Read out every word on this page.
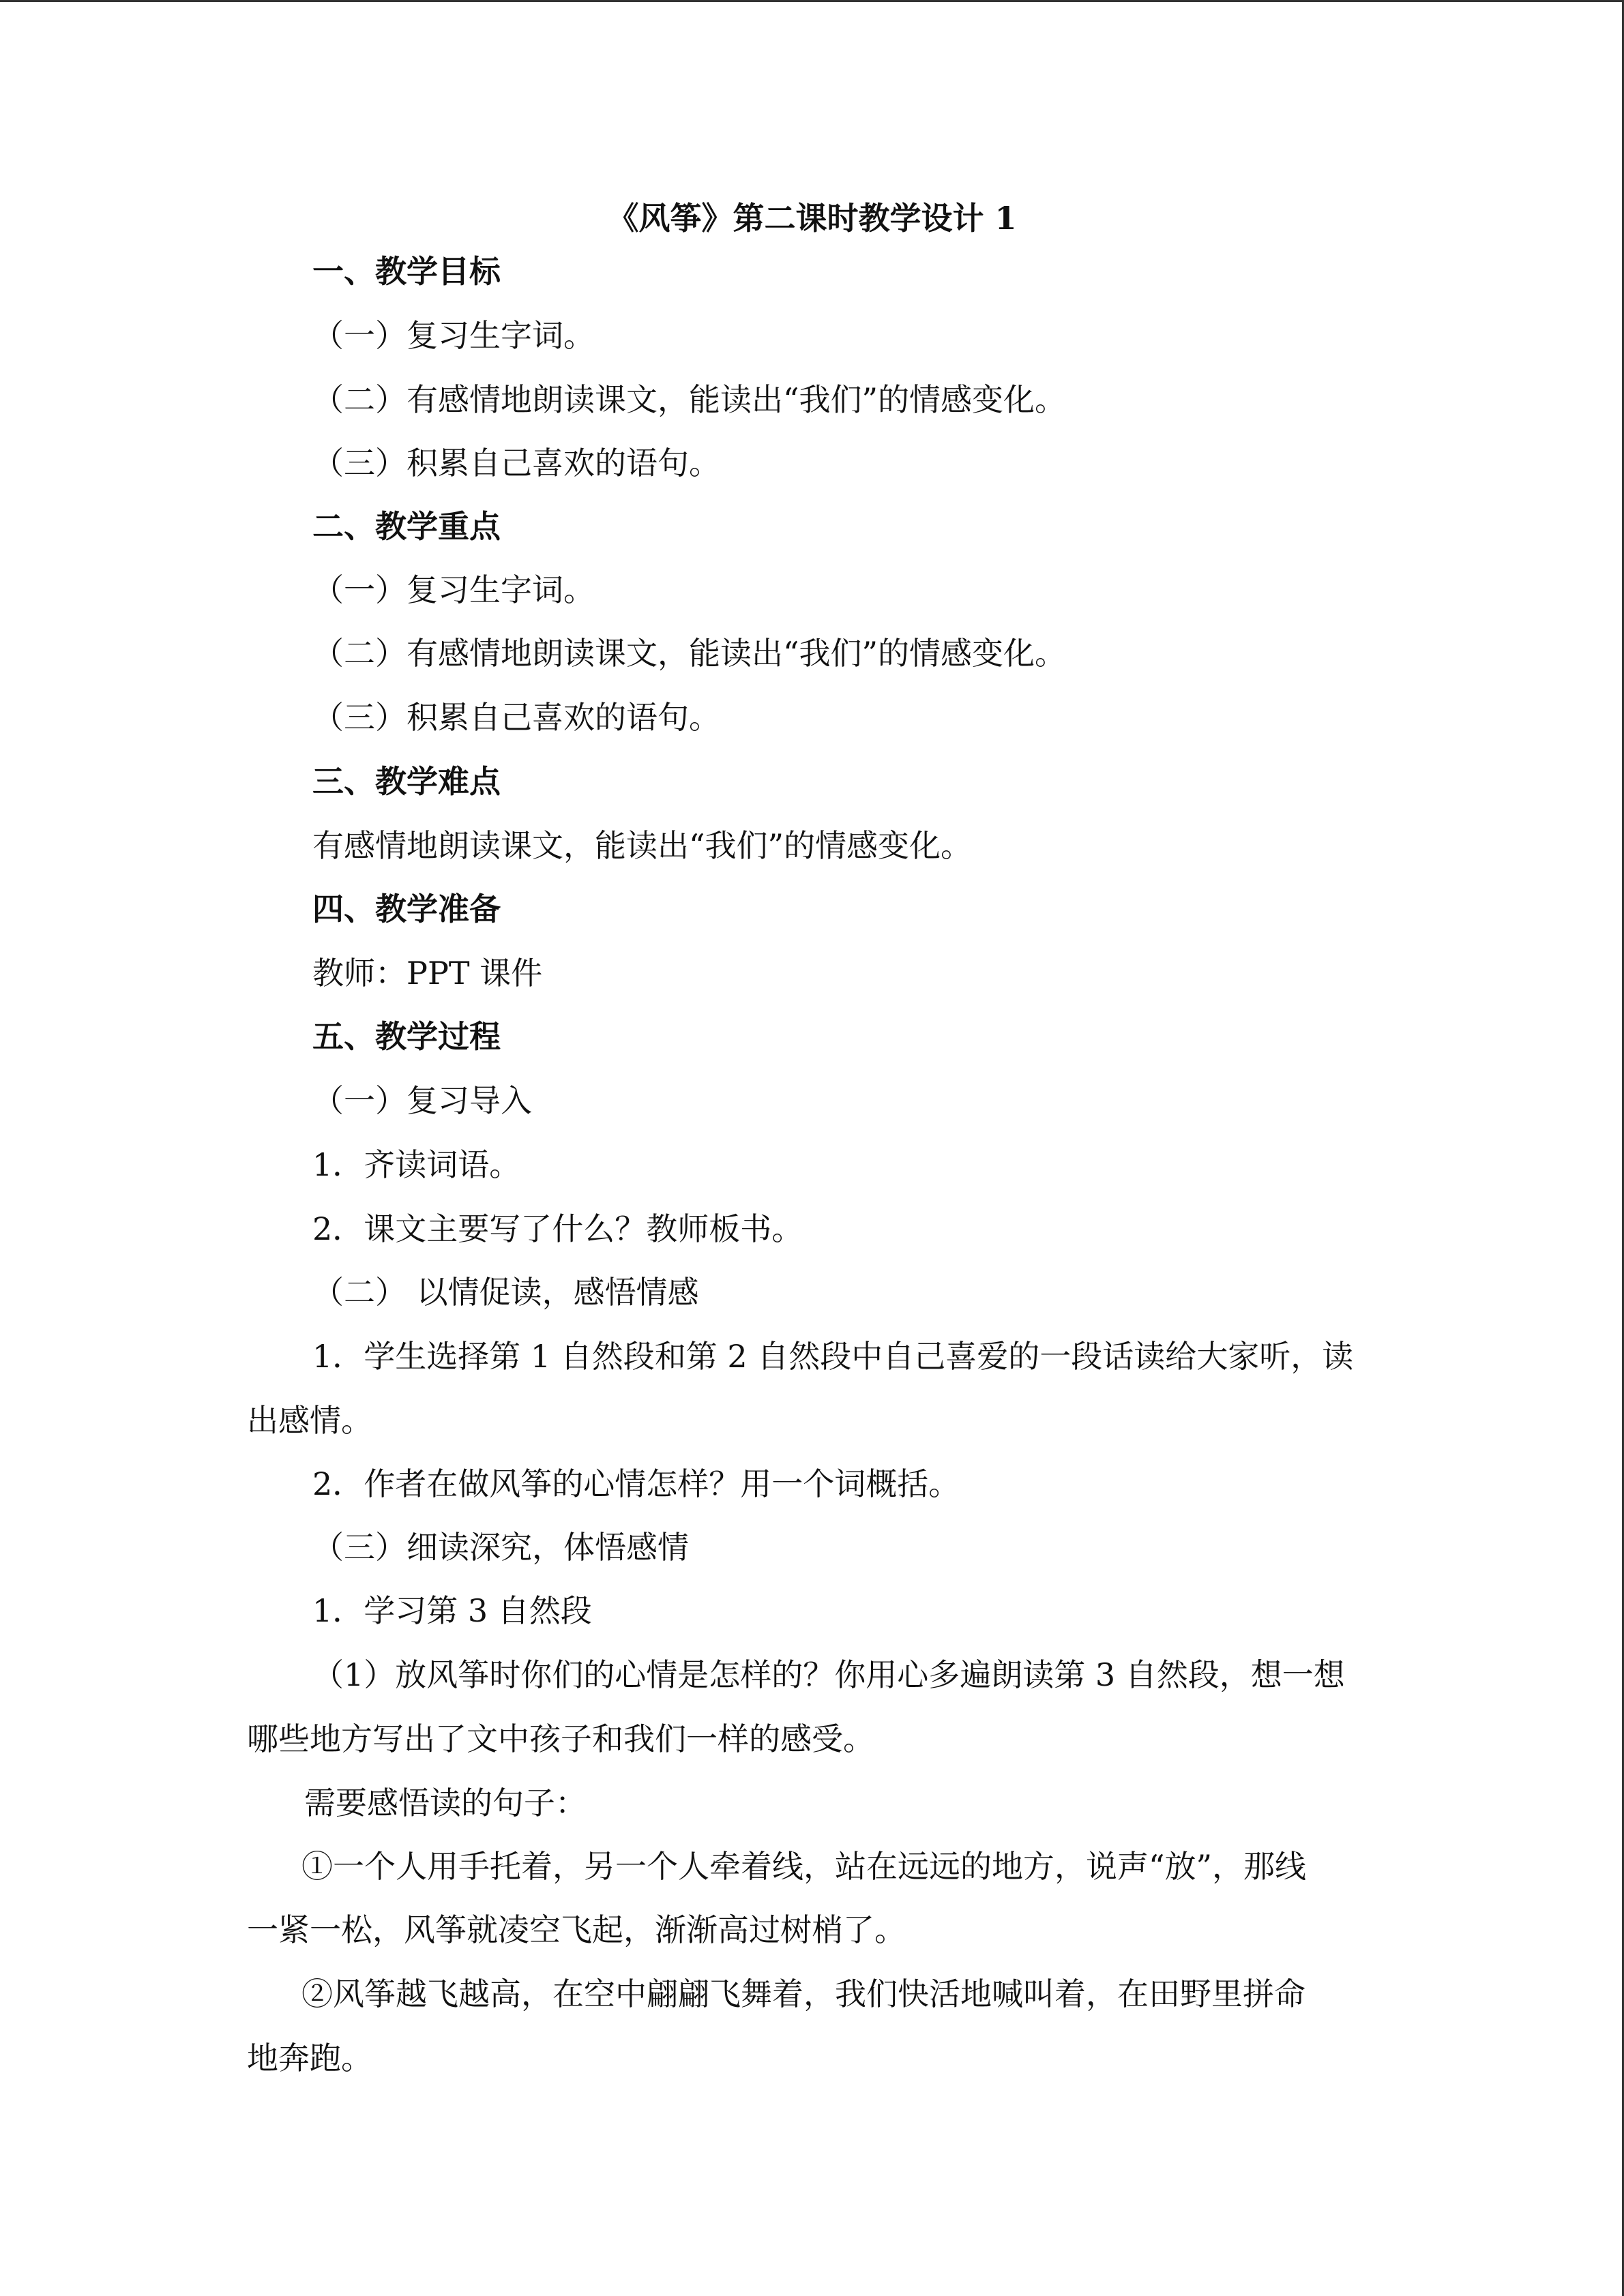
《风筝》第二课时教学设计 1
一、教学目标
（一）复习生字词。
（二）有感情地朗读课文，能读出“我们”的情感变化。
（三）积累自己喜欢的语句。
二、教学重点
（一）复习生字词。
（二）有感情地朗读课文，能读出“我们”的情感变化。
（三）积累自己喜欢的语句。
三、教学难点
有感情地朗读课文，能读出“我们”的情感变化。
四、教学准备
教师：PPT 课件
五、教学过程
（一）复习导入
1．齐读词语。
2．课文主要写了什么？教师板书。
（二） 以情促读，感悟情感
1．学生选择第 1 自然段和第 2 自然段中自己喜爱的一段话读给大家听，读
出感情。
2．作者在做风筝的心情怎样？用一个词概括。
（三）细读深究，体悟感情
1．学习第 3 自然段
（1）放风筝时你们的心情是怎样的？你用心多遍朗读第 3 自然段，想一想
哪些地方写出了文中孩子和我们一样的感受。
需要感悟读的句子：
①一个人用手托着，另一个人牵着线，站在远远的地方，说声“放”，那线
一紧一松，风筝就凌空飞起，渐渐高过树梢了。
②风筝越飞越高，在空中翩翩飞舞着，我们快活地喊叫着，在田野里拼命
地奔跑。
